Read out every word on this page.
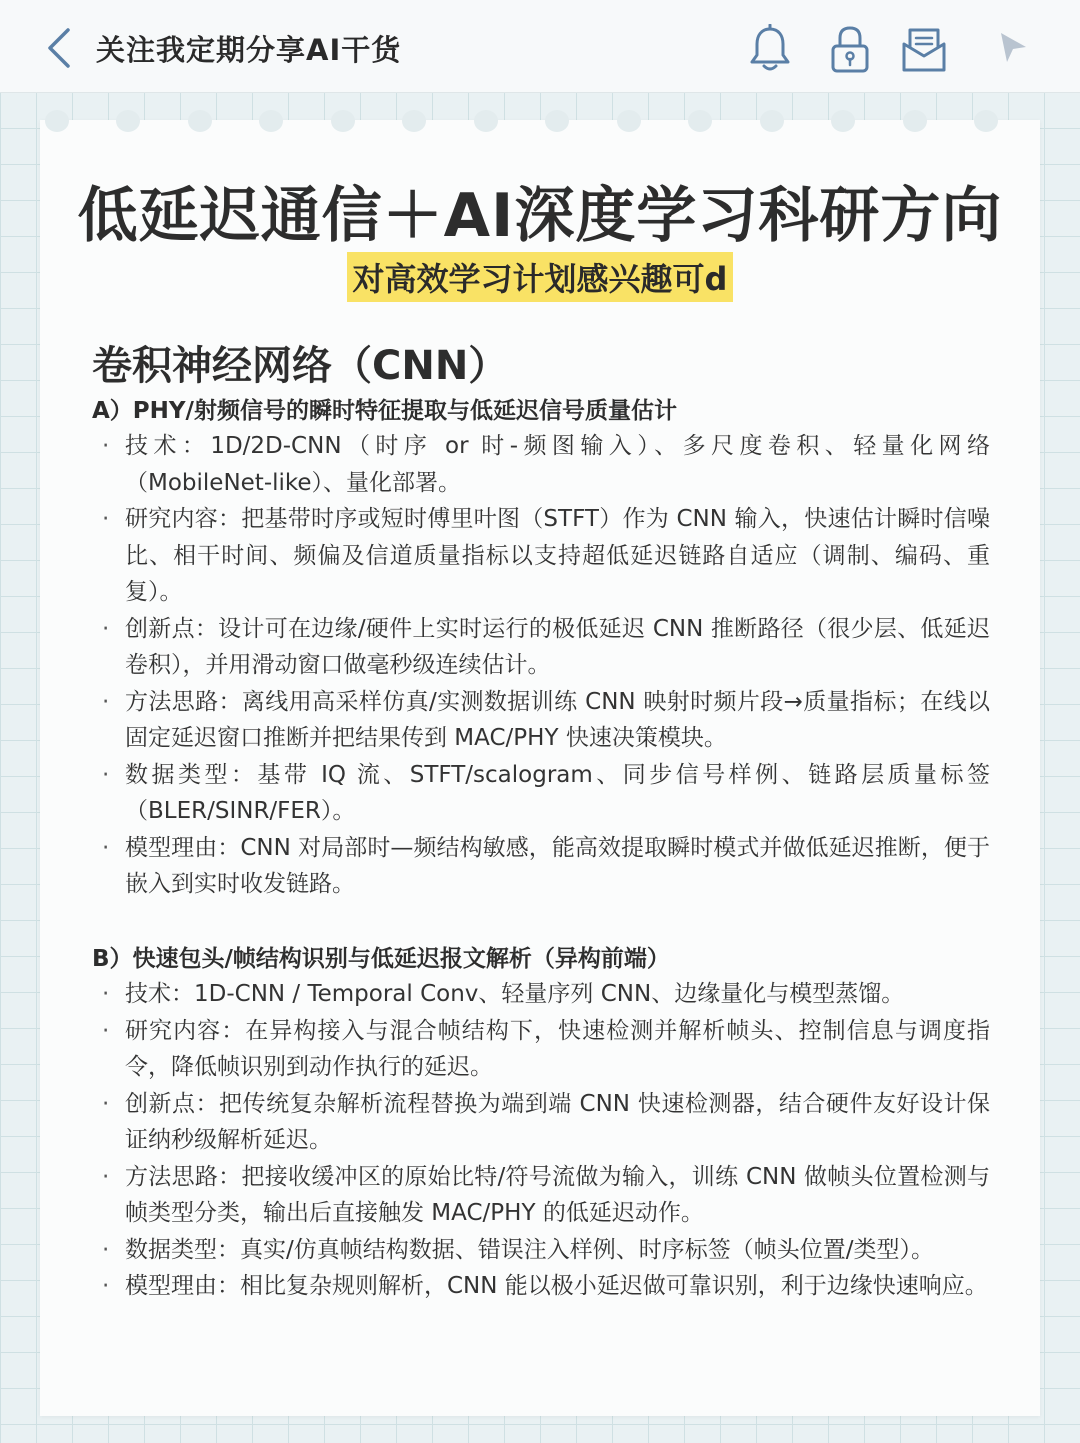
关注我定期分享AI干货
低延迟通信＋AI深度学习科研方向
对高效学习计划感兴趣可d
卷积神经网络（CNN）
A）PHY/射频信号的瞬时特征提取与低延迟信号质量估计
· 技术：1D/2D-CNN（时序 or 时-频图输入）、多尺度卷积、轻量化网络（MobileNet-like）、量化部署。
· 研究内容：把基带时序或短时傅里叶图（STFT）作为 CNN 输入，快速估计瞬时信噪比、相干时间、频偏及信道质量指标以支持超低延迟链路自适应（调制、编码、重复）。
· 创新点：设计可在边缘/硬件上实时运行的极低延迟 CNN 推断路径（很少层、低延迟卷积），并用滑动窗口做毫秒级连续估计。
· 方法思路：离线用高采样仿真/实测数据训练 CNN 映射时频片段→质量指标；在线以固定延迟窗口推断并把结果传到 MAC/PHY 快速决策模块。
· 数据类型：基带 IQ 流、STFT/scalogram、同步信号样例、链路层质量标签（BLER/SINR/FER）。
· 模型理由：CNN 对局部时—频结构敏感，能高效提取瞬时模式并做低延迟推断，便于嵌入到实时收发链路。
B）快速包头/帧结构识别与低延迟报文解析（异构前端）
· 技术：1D-CNN / Temporal Conv、轻量序列 CNN、边缘量化与模型蒸馏。
· 研究内容：在异构接入与混合帧结构下，快速检测并解析帧头、控制信息与调度指令，降低帧识别到动作执行的延迟。
· 创新点：把传统复杂解析流程替换为端到端 CNN 快速检测器，结合硬件友好设计保证纳秒级解析延迟。
· 方法思路：把接收缓冲区的原始比特/符号流做为输入，训练 CNN 做帧头位置检测与帧类型分类，输出后直接触发 MAC/PHY 的低延迟动作。
· 数据类型：真实/仿真帧结构数据、错误注入样例、时序标签（帧头位置/类型）。
· 模型理由：相比复杂规则解析，CNN 能以极小延迟做可靠识别，利于边缘快速响应。
